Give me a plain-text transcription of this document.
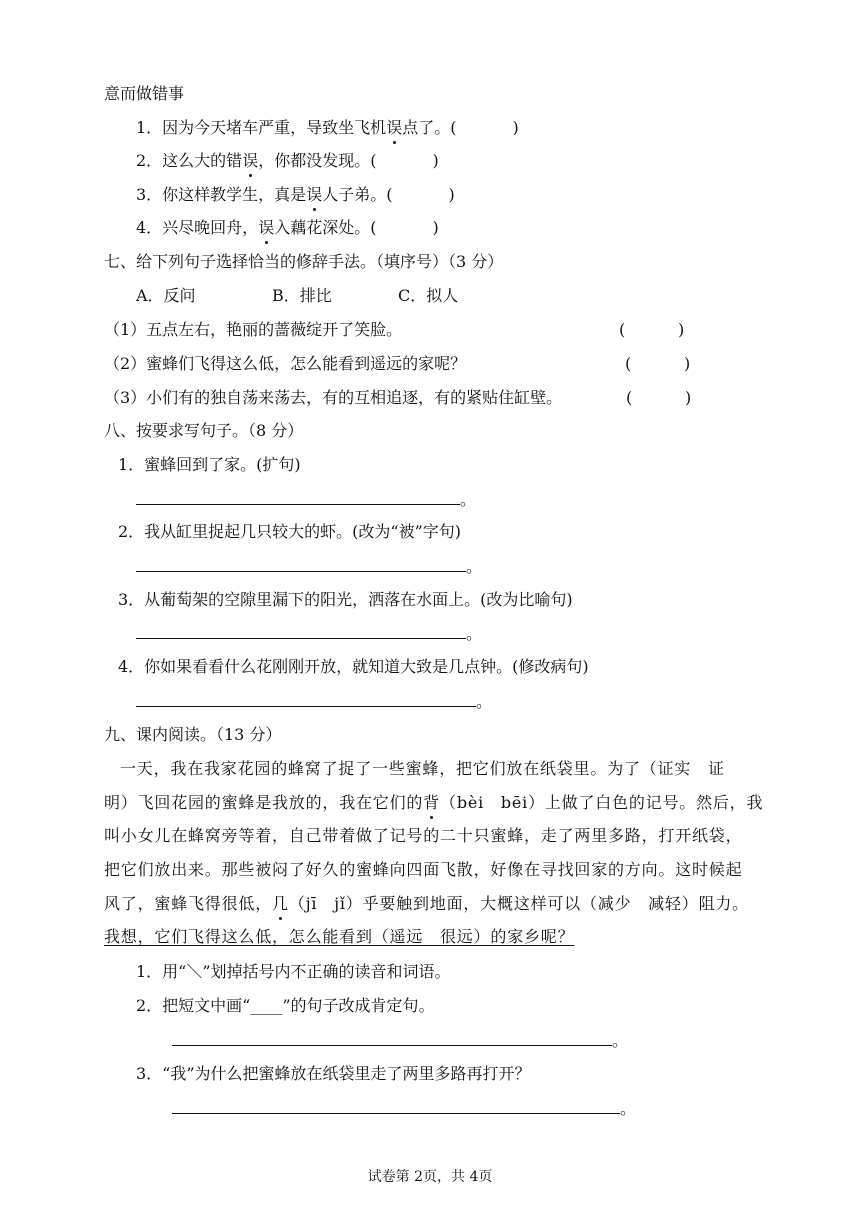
意而做错事
1．因为今天堵车严重，导致坐飞机误点了。(	)
2．这么大的错误，你都没发现。(	)
3．你这样教学生，真是误人子弟。(	)
4．兴尽晚回舟，误入藕花深处。(	)
七、给下列句子选择恰当的修辞手法。（填序号）（3 分）
A．反问	B．排比	C．拟人
（1）五点左右，艳丽的蔷薇绽开了笑脸。	(	)
（2）蜜蜂们飞得这么低，怎么能看到遥远的家呢？	(	)
（3）小们有的独自荡来荡去，有的互相追逐，有的紧贴住缸壁。	(	)
八、按要求写句子。（8 分）
1．蜜蜂回到了家。(扩句)
。
2．我从缸里捉起几只较大的虾。(改为“被”字句)
。
3．从葡萄架的空隙里漏下的阳光，洒落在水面上。(改为比喻句)
。
4．你如果看看什么花刚刚开放，就知道大致是几点钟。(修改病句)
。
九、课内阅读。（13 分）
一天，我在我家花园的蜂窝了捉了一些蜜蜂，把它们放在纸袋里。为了（证实　证
明）飞回花园的蜜蜂是我放的，我在它们的背（bèi　bēi）上做了白色的记号。然后，我
叫小女儿在蜂窝旁等着，自己带着做了记号的二十只蜜蜂，走了两里多路，打开纸袋，
把它们放出来。那些被闷了好久的蜜蜂向四面飞散，好像在寻找回家的方向。这时候起
风了，蜜蜂飞得很低，几（jī　jǐ）乎要触到地面，大概这样可以（减少　减轻）阻力。
我想，它们飞得这么低，怎么能看到（遥远　很远）的家乡呢？
1．用“＼”划掉括号内不正确的读音和词语。
2．把短文中画“____”的句子改成肯定句。
。
3．“我”为什么把蜜蜂放在纸袋里走了两里多路再打开？
。
试卷第 2页，共 4页
